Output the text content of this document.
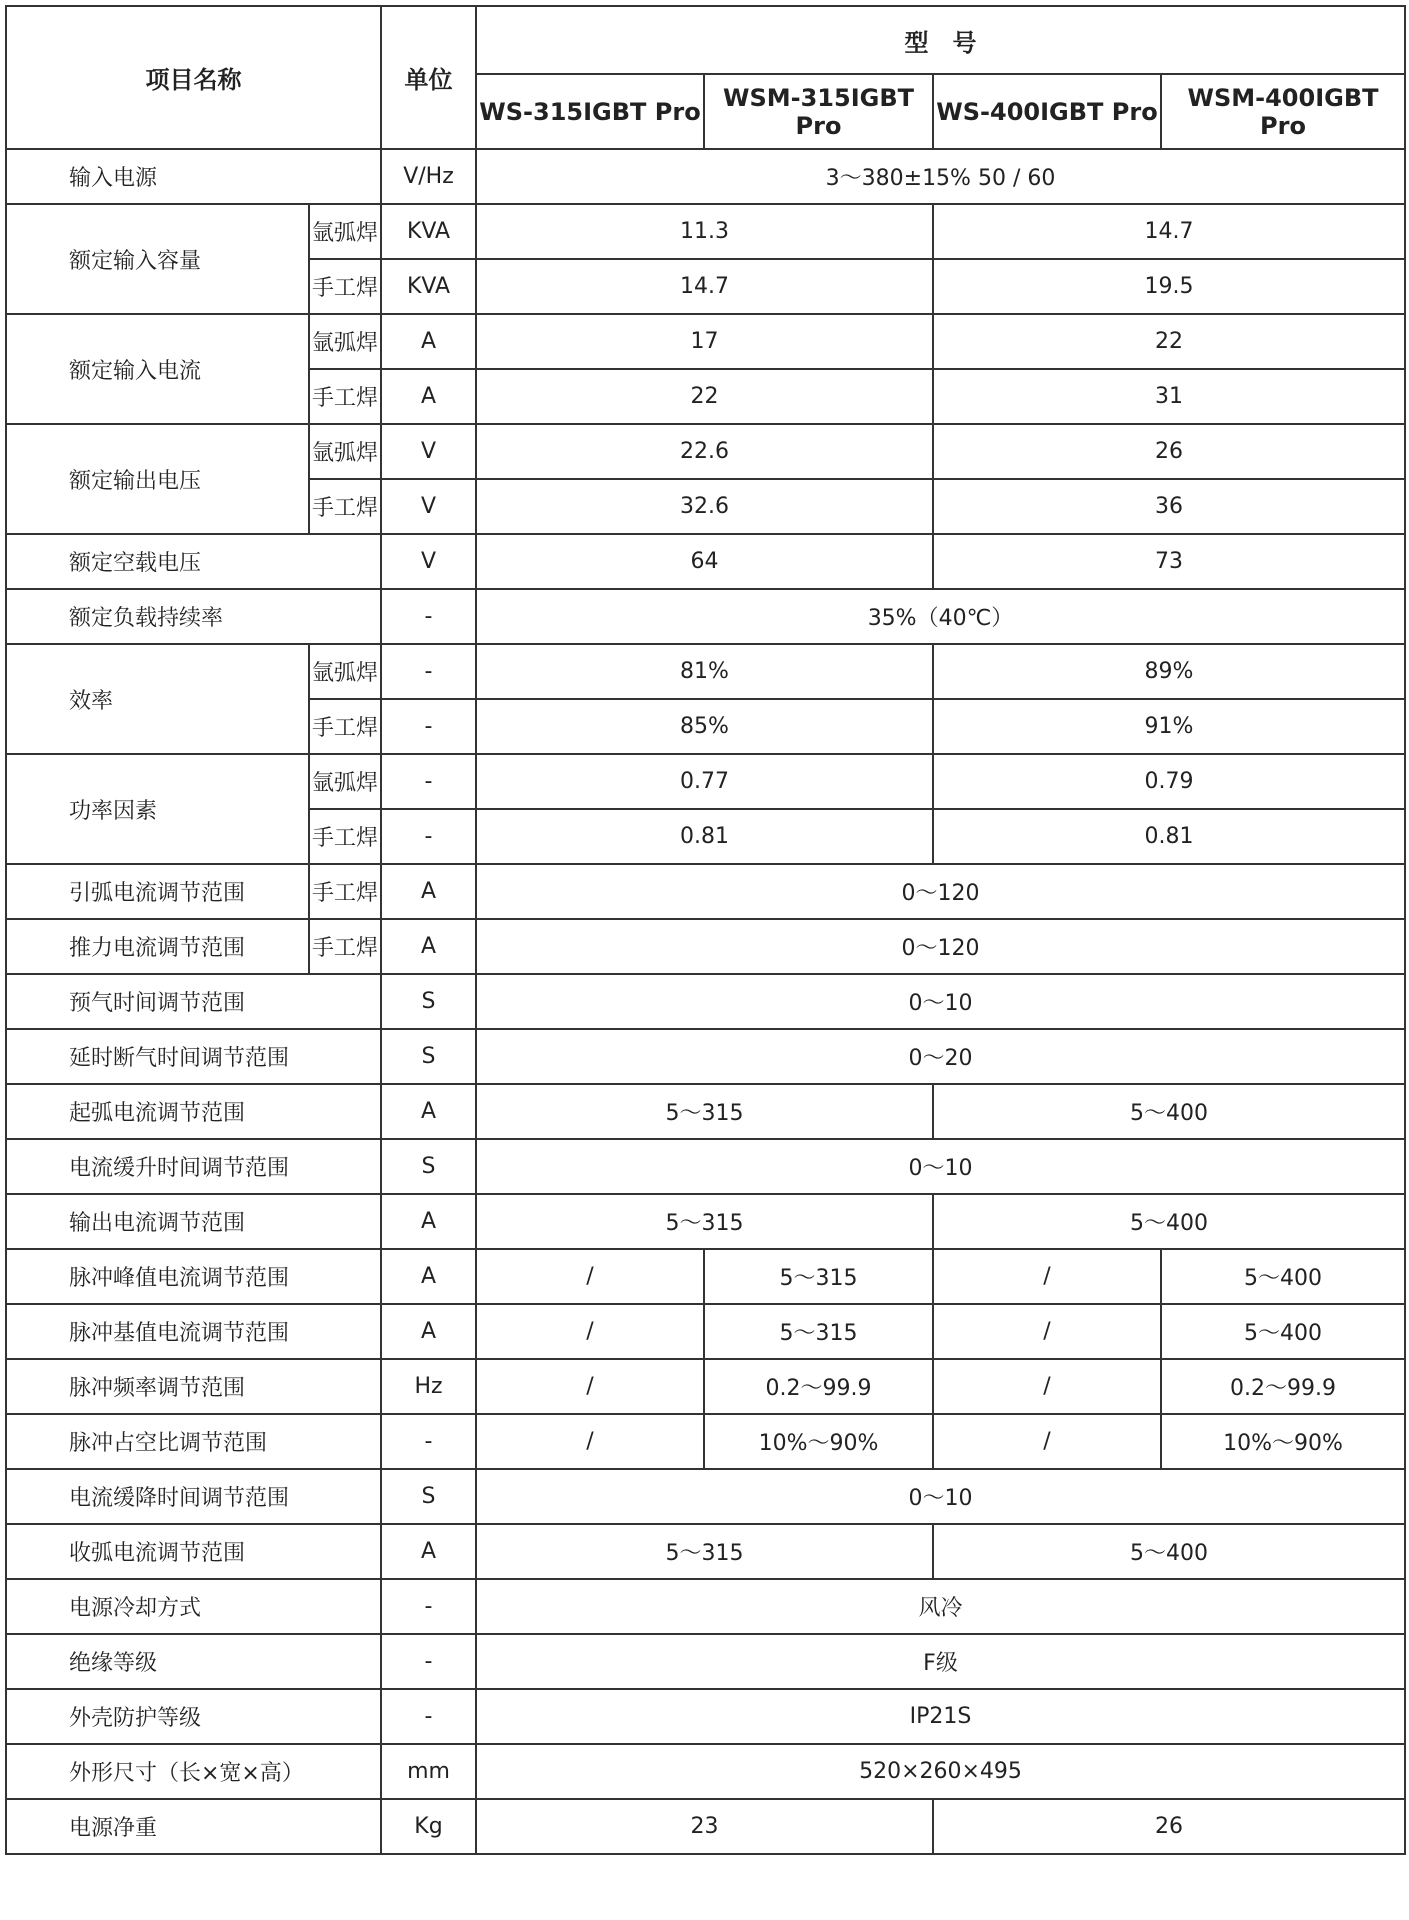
项目名称		单位	型　号			
			WS-315IGBT Pro	WSM-315IGBT Pro	WS-400IGBT Pro	WSM-400IGBT Pro
输入电源		V/Hz	3～380±15% 50 / 60			
额定输入容量	氩弧焊	KVA	11.3		14.7	
	手工焊	KVA	14.7		19.5	
额定输入电流	氩弧焊	A	17		22	
	手工焊	A	22		31	
额定输出电压	氩弧焊	V	22.6		26	
	手工焊	V	32.6		36	
额定空载电压		V	64		73	
额定负载持续率		-	35%（40℃）			
效率	氩弧焊	-	81%		89%	
	手工焊	-	85%		91%	
功率因素	氩弧焊	-	0.77		0.79	
	手工焊	-	0.81		0.81	
引弧电流调节范围	手工焊	A	0～120			
推力电流调节范围	手工焊	A	0～120			
预气时间调节范围		S	0～10			
延时断气时间调节范围		S	0～20			
起弧电流调节范围		A	5～315		5～400	
电流缓升时间调节范围		S	0～10			
输出电流调节范围		A	5～315		5～400	
脉冲峰值电流调节范围		A	/	5～315	/	5～400
脉冲基值电流调节范围		A	/	5～315	/	5～400
脉冲频率调节范围		Hz	/	0.2～99.9	/	0.2～99.9
脉冲占空比调节范围		-	/	10%～90%	/	10%～90%
电流缓降时间调节范围		S	0～10			
收弧电流调节范围		A	5～315		5～400	
电源冷却方式		-	风冷			
绝缘等级		-	F级			
外壳防护等级		-	IP21S			
外形尺寸（长×宽×高）		mm	520×260×495			
电源净重		Kg	23		26	
